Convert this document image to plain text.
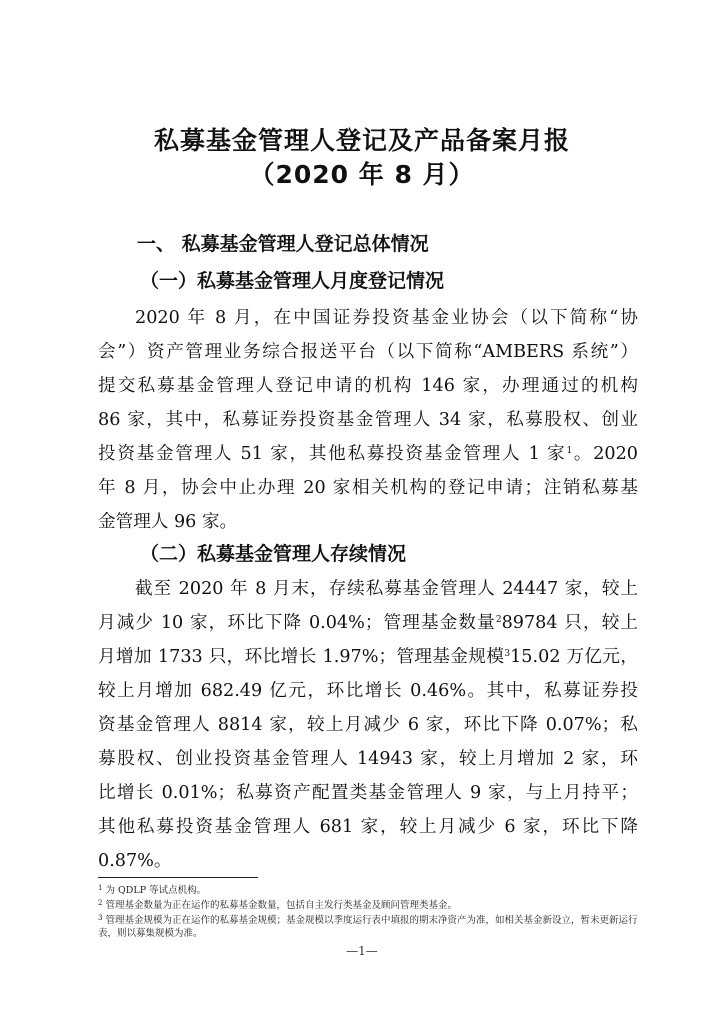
私募基金管理人登记及产品备案月报
（2020 年 8 月）
一、 私募基金管理人登记总体情况
（一）私募基金管理人月度登记情况
2020 年 8 月，在中国证券投资基金业协会（以下简称“协
会”）资产管理业务综合报送平台（以下简称“AMBERS 系统”）
提交私募基金管理人登记申请的机构 146 家，办理通过的机构
86 家，其中，私募证券投资基金管理人 34 家，私募股权、创业
投资基金管理人 51 家，其他私募投资基金管理人 1 家$^1$。2020
年 8 月，协会中止办理 20 家相关机构的登记申请；注销私募基
金管理人 96 家。
（二）私募基金管理人存续情况
截至 2020 年 8 月末，存续私募基金管理人 24447 家，较上
月减少 10 家，环比下降 0.04%；管理基金数量$^2$89784 只，较上
月增加 1733 只，环比增长 1.97%；管理基金规模$^3$15.02 万亿元，
较上月增加 682.49 亿元，环比增长 0.46%。其中，私募证券投
资基金管理人 8814 家，较上月减少 6 家，环比下降 0.07%；私
募股权、创业投资基金管理人 14943 家，较上月增加 2 家，环
比增长 0.01%；私募资产配置类基金管理人 9 家，与上月持平；
其他私募投资基金管理人 681 家，较上月减少 6 家，环比下降
0.87%。
$^1$ 为 QDLP 等试点机构。
$^2$ 管理基金数量为正在运作的私募基金数量，包括自主发行类基金及顾问管理类基金。
$^3$ 管理基金规模为正在运作的私募基金规模；基金规模以季度运行表中填报的期末净资产为准，如相关基金新设立，暂未更新运行表，则以募集规模为准。
—1—
